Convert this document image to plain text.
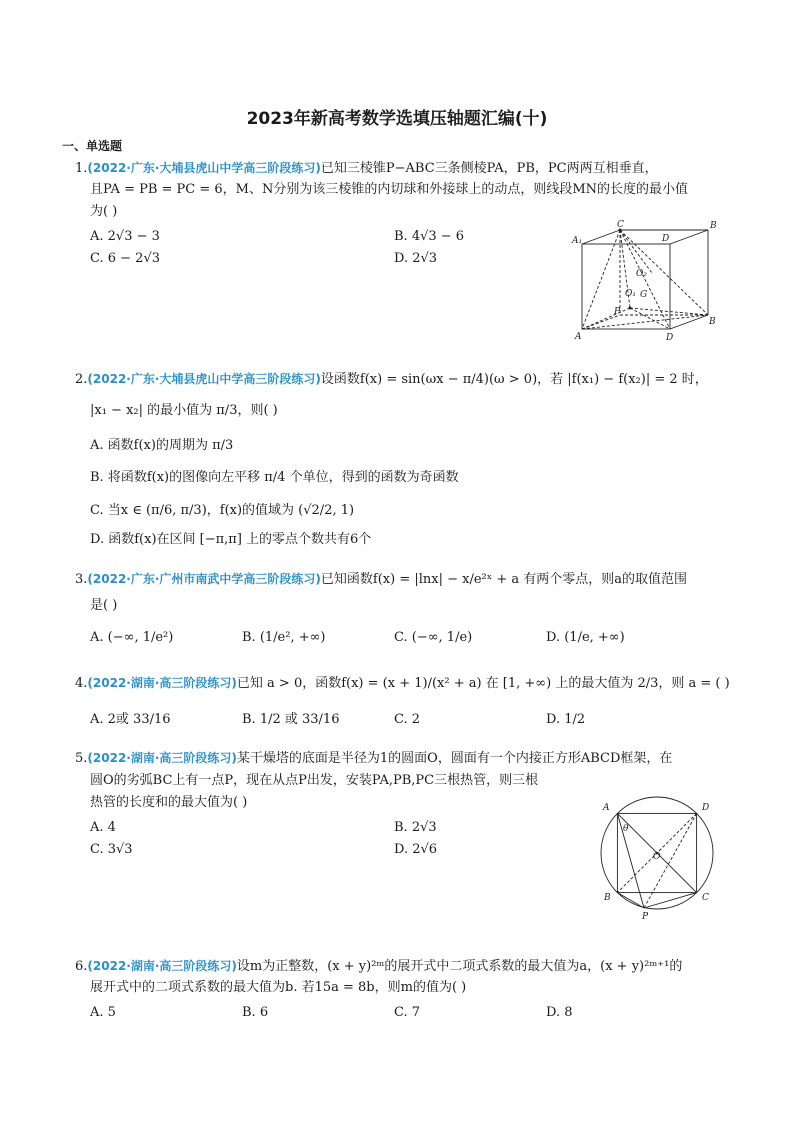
2023年新高考数学选填压轴题汇编(十)
一、单选题
1.(2022·广东·大埔县虎山中学高三阶段练习)已知三棱锥P−ABC三条侧棱PA，PB，PC两两互相垂直，
且PA = PB = PC = 6，M、N分别为该三棱锥的内切球和外接球上的动点，则线段MN的长度的最小值
为( )
A. 2√3 − 3	B. 4√3 − 6
C. 6 − 2√3	D. 2√3
C	B
A₁	D
O₂
O₁ G
P
A	D
B
2.(2022·广东·大埔县虎山中学高三阶段练习)设函数f(x) = sin(ωx − π/4)(ω > 0)，若 |f(x₁) − f(x₂)| = 2 时，
|x₁ − x₂| 的最小值为 π/3，则( )
A. 函数f(x)的周期为 π/3
B. 将函数f(x)的图像向左平移 π/4 个单位，得到的函数为奇函数
C. 当x ∈ (π/6, π/3)，f(x)的值域为 (√2/2, 1)
D. 函数f(x)在区间 [−π,π] 上的零点个数共有6个
3.(2022·广东·广州市南武中学高三阶段练习)已知函数f(x) = |lnx| − x/e²ˣ + a 有两个零点，则a的取值范围
是( )
A. (−∞, 1/e²)	B. (1/e², +∞)	C. (−∞, 1/e)	D. (1/e, +∞)
4.(2022·湖南·高三阶段练习)已知 a > 0，函数f(x) = (x + 1)/(x² + a) 在 [1, +∞) 上的最大值为 2/3，则 a = ( )
A. 2或 33/16	B. 1/2 或 33/16	C. 2	D. 1/2
5.(2022·湖南·高三阶段练习)某干燥塔的底面是半径为1的圆面O，圆面有一个内接正方形ABCD框架，在
圆O的劣弧BC上有一点P，现在从点P出发，安装PA,PB,PC三根热管，则三根
热管的长度和的最大值为( )
A. 4	B. 2√3
C. 3√3	D. 2√6
A	D
θ
O
B	C
P
6.(2022·湖南·高三阶段练习)设m为正整数，(x + y)²ᵐ的展开式中二项式系数的最大值为a，(x + y)²ᵐ⁺¹的
展开式中的二项式系数的最大值为b. 若15a = 8b，则m的值为( )
A. 5	B. 6	C. 7	D. 8
